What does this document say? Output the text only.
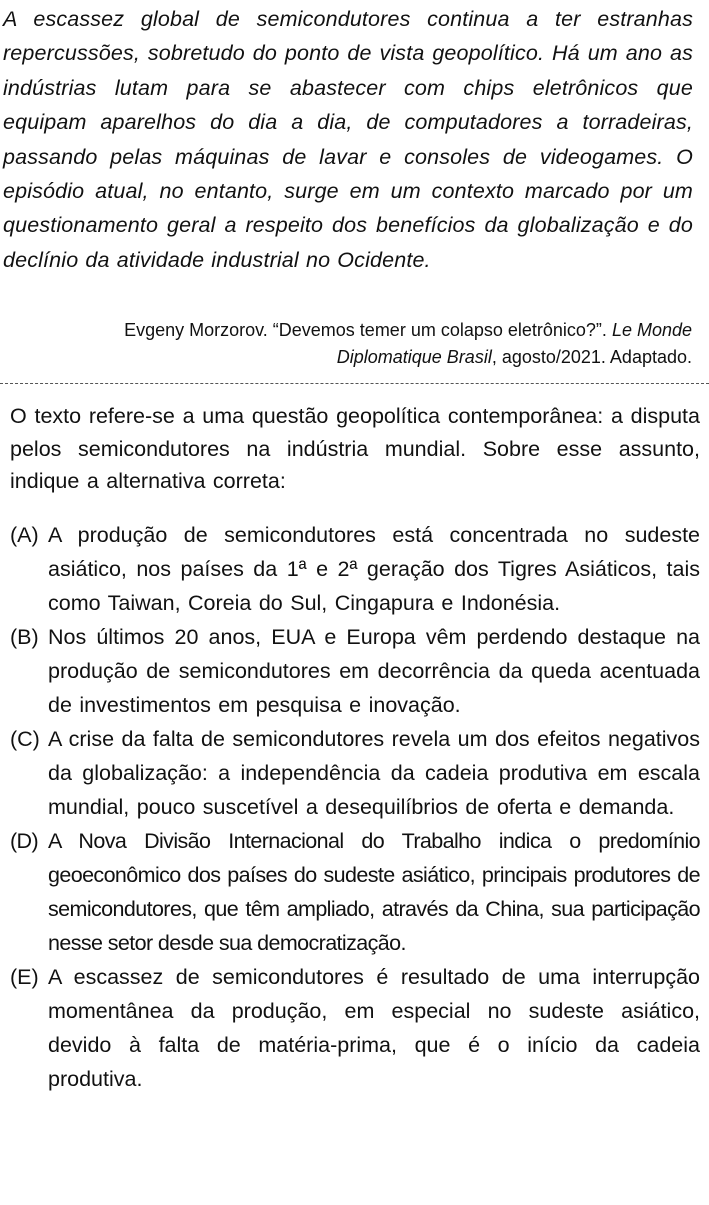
A escassez global de semicondutores continua a ter estranhas repercussões, sobretudo do ponto de vista geopolítico. Há um ano as indústrias lutam para se abastecer com chips eletrônicos que equipam aparelhos do dia a dia, de computadores a torradeiras, passando pelas máquinas de lavar e consoles de videogames. O episódio atual, no entanto, surge em um contexto marcado por um questionamento geral a respeito dos benefícios da globalização e do declínio da atividade industrial no Ocidente.

Evgeny Morzorov. “Devemos temer um colapso eletrônico?”. Le Monde Diplomatique Brasil, agosto/2021. Adaptado.

O texto refere-se a uma questão geopolítica contemporânea: a disputa pelos semicondutores na indústria mundial. Sobre esse assunto, indique a alternativa correta:

(A) A produção de semicondutores está concentrada no sudeste asiático, nos países da 1ª e 2ª geração dos Tigres Asiáticos, tais como Taiwan, Coreia do Sul, Cingapura e Indonésia.
(B) Nos últimos 20 anos, EUA e Europa vêm perdendo destaque na produção de semicondutores em decorrência da queda acentuada de investimentos em pesquisa e inovação.
(C) A crise da falta de semicondutores revela um dos efeitos negativos da globalização: a independência da cadeia produtiva em escala mundial, pouco suscetível a desequilíbrios de oferta e demanda.
(D) A Nova Divisão Internacional do Trabalho indica o predomínio geoeconômico dos países do sudeste asiático, principais produtores de semicondutores, que têm ampliado, através da China, sua participação nesse setor desde sua democratização.
(E) A escassez de semicondutores é resultado de uma interrupção momentânea da produção, em especial no sudeste asiático, devido à falta de matéria-prima, que é o início da cadeia produtiva.
